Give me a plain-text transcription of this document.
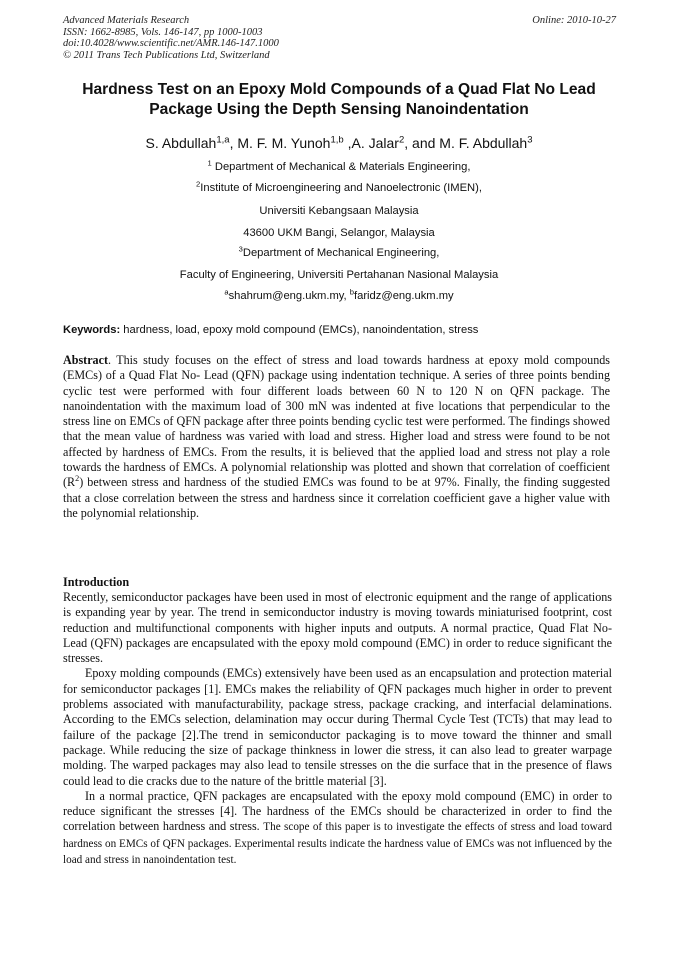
Advanced Materials Research
ISSN: 1662-8985, Vols. 146-147, pp 1000-1003
doi:10.4028/www.scientific.net/AMR.146-147.1000
© 2011 Trans Tech Publications Ltd, Switzerland
Online: 2010-10-27
Hardness Test on an Epoxy Mold Compounds of a Quad Flat No Lead
Package Using the Depth Sensing Nanoindentation
S. Abdullah$^{1,a}$, M. F. M. Yunoh$^{1,b}$ ,A. Jalar$^2$, and M. F. Abdullah$^3$
$^1$ Department of Mechanical & Materials Engineering,
$^2$Institute of Microengineering and Nanoelectronic (IMEN),
Universiti Kebangsaan Malaysia
43600 UKM Bangi, Selangor, Malaysia
$^3$Department of Mechanical Engineering,
Faculty of Engineering, Universiti Pertahanan Nasional Malaysia
$^a$shahrum@eng.ukm.my, $^b$faridz@eng.ukm.my
Keywords: hardness, load, epoxy mold compound (EMCs), nanoindentation, stress
Abstract. This study focuses on the effect of stress and load towards hardness at epoxy mold compounds (EMCs) of a Quad Flat No- Lead (QFN) package using indentation technique. A series of three points bending cyclic test were performed with four different loads between 60 N to 120 N on QFN package. The nanoindentation with the maximum load of 300 mN was indented at five locations that perpendicular to the stress line on EMCs of QFN package after three points bending cyclic test were performed. The findings showed that the mean value of hardness was varied with load and stress. Higher load and stress were found to be not affected by hardness of EMCs. From the results, it is believed that the applied load and stress not play a role towards the hardness of EMCs. A polynomial relationship was plotted and shown that correlation of coefficient $(R^2)$ between stress and hardness of the studied EMCs was found to be at 97%. Finally, the finding suggested that a close correlation between the stress and hardness since it correlation coefficient gave a higher value with the polynomial relationship.
Introduction

Recently, semiconductor packages have been used in most of electronic equipment and the range of applications is expanding year by year. The trend in semiconductor industry is moving towards miniaturised footprint, cost reduction and multifunctional components with higher inputs and outputs. A normal practice, Quad Flat No- Lead (QFN) packages are encapsulated with the epoxy mold compound (EMC) in order to reduce significant the stresses.

Epoxy molding compounds (EMCs) extensively have been used as an encapsulation and protection material for semiconductor packages [1]. EMCs makes the reliability of QFN packages much higher in order to prevent problems associated with manufacturability, package stress, package cracking, and interfacial delaminations. According to the EMCs selection, delamination may occur during Thermal Cycle Test (TCTs) that may lead to failure of the package [2].The trend in semiconductor packaging is to move toward the thinner and small package. While reducing the size of package thinkness in lower die stress, it can also lead to greater warpage molding. The warped packages may also lead to tensile stresses on the die surface that in the presence of flaws could lead to die cracks due to the nature of the brittle material [3].

In a normal practice, QFN packages are encapsulated with the epoxy mold compound (EMC) in order to reduce significant the stresses [4]. The hardness of the EMCs should be characterized in order to find the correlation between hardness and stress. The scope of this paper is to investigate the effects of stress and load toward hardness on EMCs of QFN packages. Experimental results indicate the hardness value of EMCs was not influenced by the load and stress in nanoindentation test.
